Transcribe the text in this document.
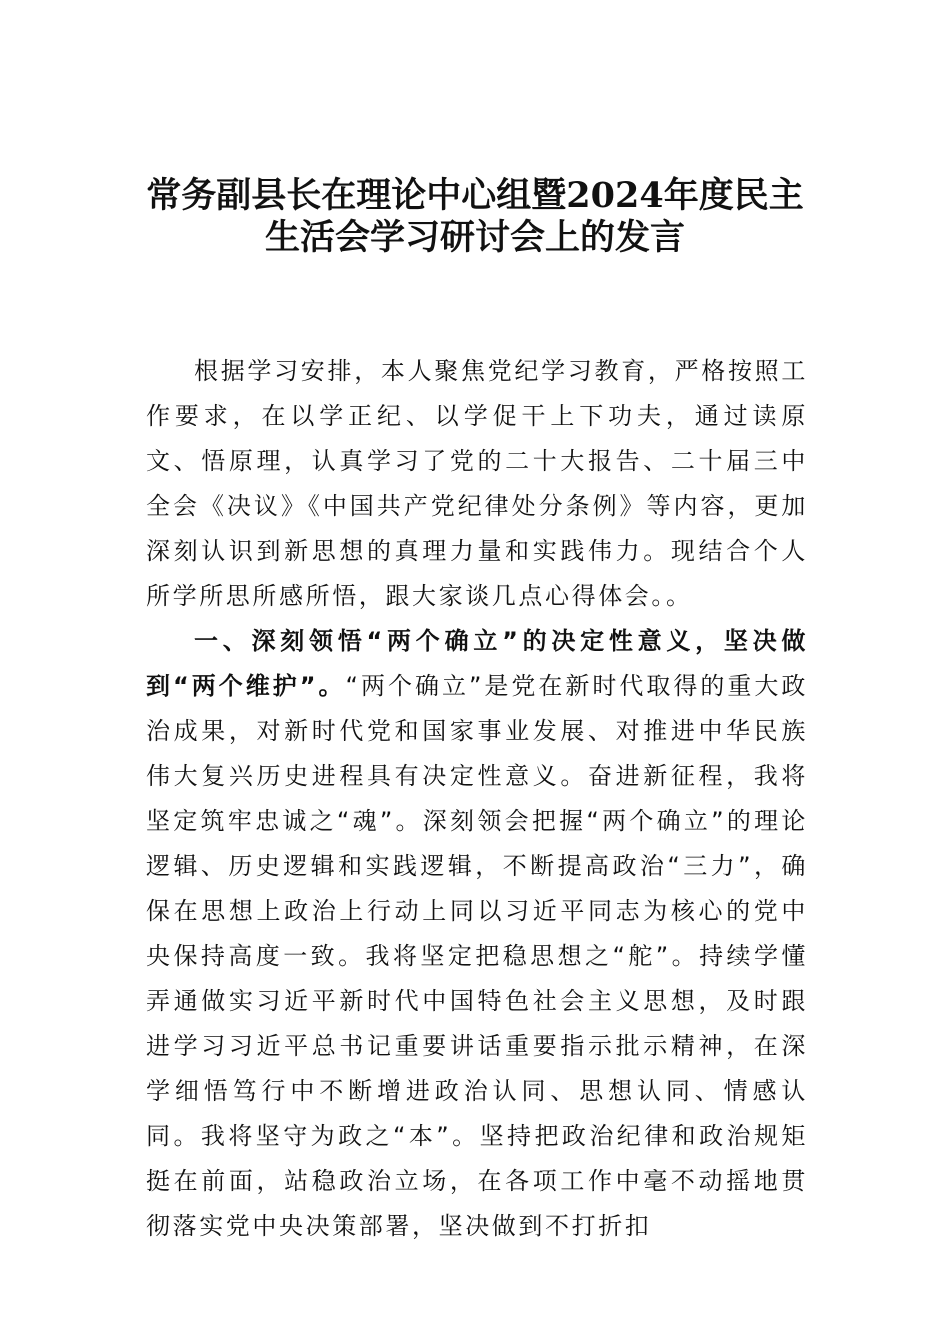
常务副县长在理论中心组暨2024年度民主
生活会学习研讨会上的发言

根据学习安排，本人聚焦党纪学习教育，严格按照工作要求，在以学正纪、以学促干上下功夫，通过读原文、悟原理，认真学习了党的二十大报告、二十届三中全会《决议》《中国共产党纪律处分条例》等内容，更加深刻认识到新思想的真理力量和实践伟力。现结合个人所学所思所感所悟，跟大家谈几点心得体会。。

一、深刻领悟“两个确立”的决定性意义，坚决做到“两个维护”。“两个确立”是党在新时代取得的重大政治成果，对新时代党和国家事业发展、对推进中华民族伟大复兴历史进程具有决定性意义。奋进新征程，我将坚定筑牢忠诚之“魂”。深刻领会把握“两个确立”的理论逻辑、历史逻辑和实践逻辑，不断提高政治“三力”，确保在思想上政治上行动上同以习近平同志为核心的党中央保持高度一致。我将坚定把稳思想之“舵”。持续学懂弄通做实习近平新时代中国特色社会主义思想，及时跟进学习习近平总书记重要讲话重要指示批示精神，在深学细悟笃行中不断增进政治认同、思想认同、情感认同。我将坚守为政之“本”。坚持把政治纪律和政治规矩挺在前面，站稳政治立场，在各项工作中毫不动摇地贯彻落实党中央决策部署，坚决做到不打折扣
